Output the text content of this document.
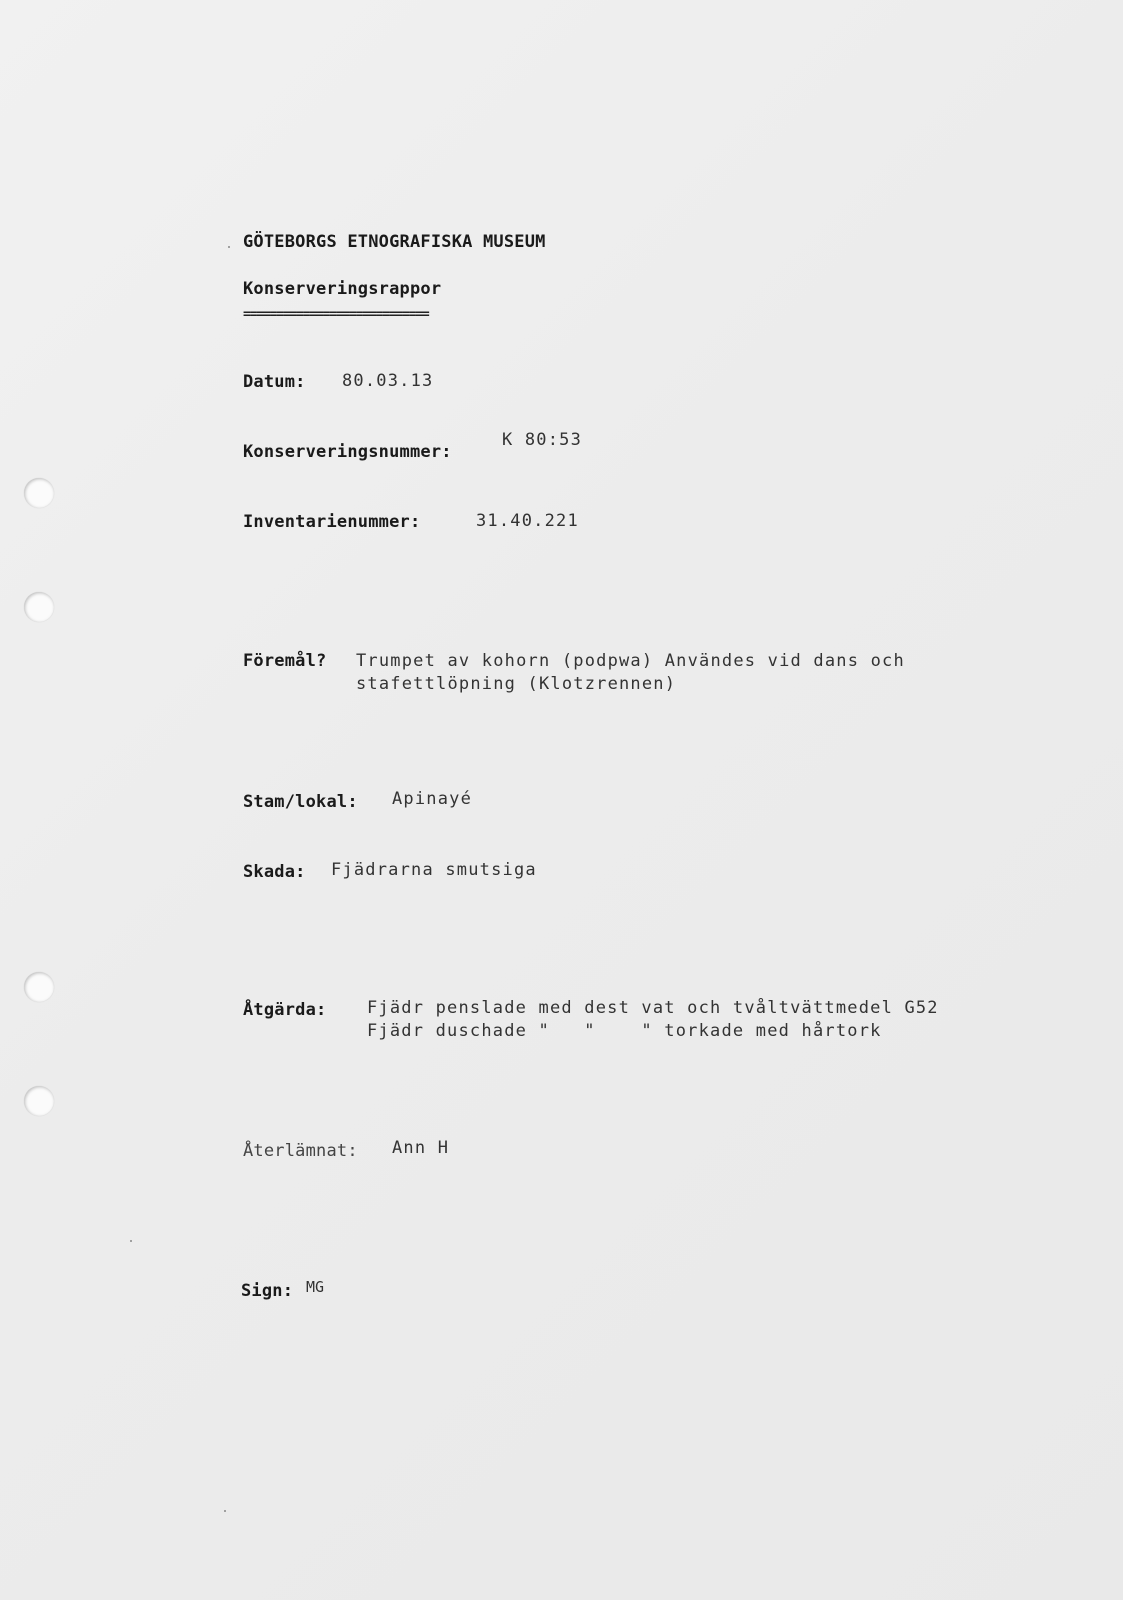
GÖTEBORGS ETNOGRAFISKA MUSEUM
Konserveringsrappor
============================
Datum: 80.03.13
Konserveringsnummer:
K 80:53
Inventarienummer:	31.40.221
Föremål? Trumpet av kohorn (podpwa) Användes vid dans och
stafettlöpning (Klotzrennen)
Stam/lokal: Apinayé
Skada: Fjädrarna smutsiga
Åtgärda: Fjädr penslade med dest vat och tvåltvättmedel G52
Fjädr duschade "   "    " torkade med hårtork
Återlämnat: Ann H
Sign: MG
